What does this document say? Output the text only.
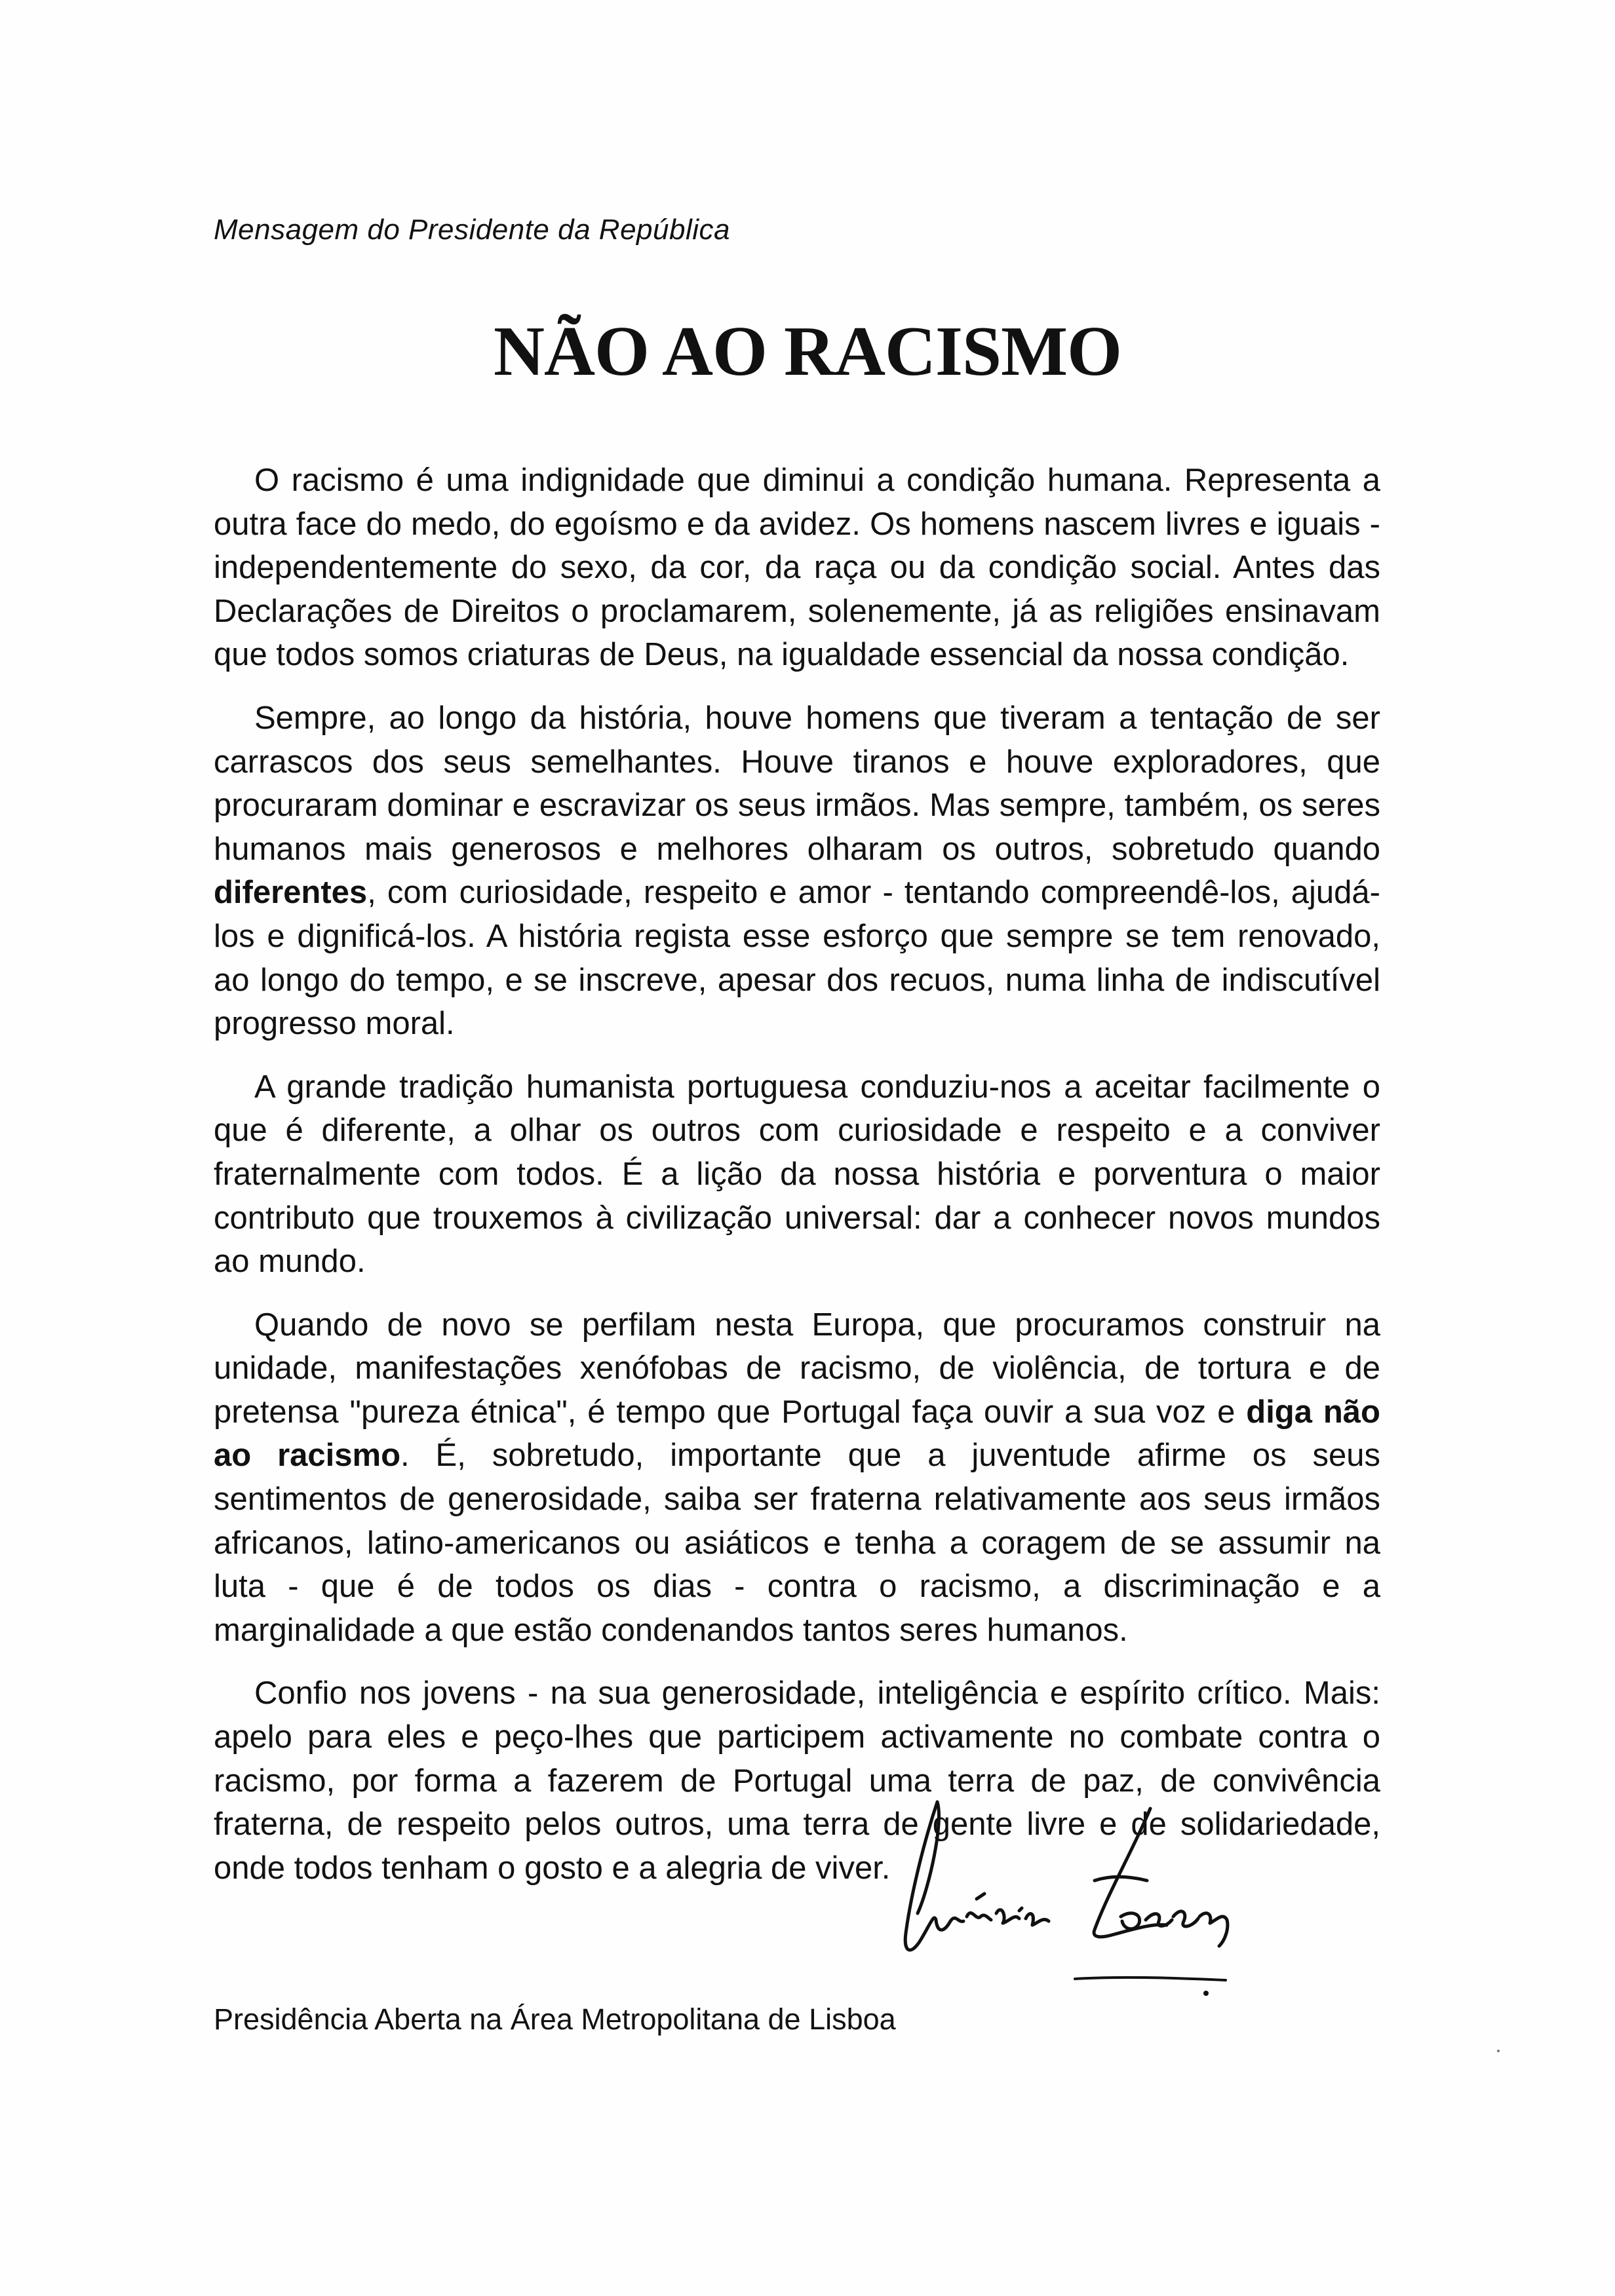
Mensagem do Presidente da República
NÃO AO RACISMO

O racismo é uma indignidade que diminui a condição humana. Representa a outra face do medo, do egoísmo e da avidez. Os homens nascem livres e iguais - independentemente do sexo, da cor, da raça ou da condição social. Antes das Declarações de Direitos o proclamarem, solenemente, já as religiões ensinavam que todos somos criaturas de Deus, na igualdade essencial da nossa condição.

Sempre, ao longo da história, houve homens que tiveram a tentação de ser carrascos dos seus semelhantes. Houve tiranos e houve exploradores, que procuraram dominar e escravizar os seus irmãos. Mas sempre, também, os seres humanos mais generosos e melhores olharam os outros, sobretudo quando diferentes, com curiosidade, respeito e amor - tentando compreendê-los, ajudá-los e dignificá-los. A história regista esse esforço que sempre se tem renovado, ao longo do tempo, e se inscreve, apesar dos recuos, numa linha de indiscutível progresso moral.

A grande tradição humanista portuguesa conduziu-nos a aceitar facilmente o que é diferente, a olhar os outros com curiosidade e respeito e a conviver fraternalmente com todos. É a lição da nossa história e porventura o maior contributo que trouxemos à civilização universal: dar a conhecer novos mundos ao mundo.

Quando de novo se perfilam nesta Europa, que procuramos construir na unidade, manifestações xenófobas de racismo, de violência, de tortura e de pretensa "pureza étnica", é tempo que Portugal faça ouvir a sua voz e diga não ao racismo. É, sobretudo, importante que a juventude afirme os seus sentimentos de generosidade, saiba ser fraterna relativamente aos seus irmãos africanos, latino-americanos ou asiáticos e tenha a coragem de se assumir na luta - que é de todos os dias - contra o racismo, a discriminação e a marginalidade a que estão condenandos tantos seres humanos.

Confio nos jovens - na sua generosidade, inteligência e espírito crítico. Mais: apelo para eles e peço-lhes que participem activamente no combate contra o racismo, por forma a fazerem de Portugal uma terra de paz, de convivência fraterna, de respeito pelos outros, uma terra de gente livre e de solidariedade, onde todos tenham o gosto e a alegria de viver.

Presidência Aberta na Área Metropolitana de Lisboa
